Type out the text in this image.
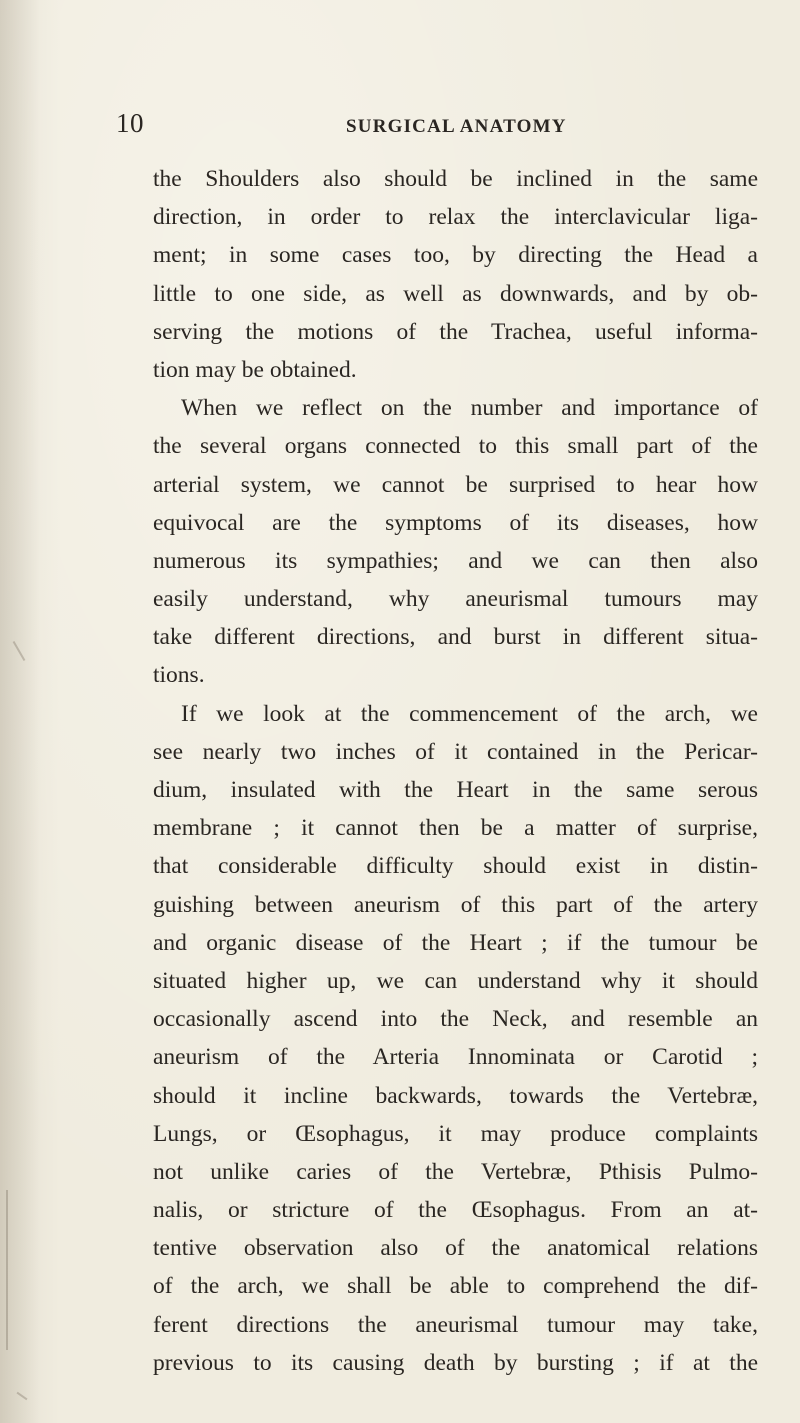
10	SURGICAL ANATOMY
the Shoulders also should be inclined in the same
direction, in order to relax the interclavicular liga-
ment; in some cases too, by directing the Head a
little to one side, as well as downwards, and by ob-
serving the motions of the Trachea, useful informa-
tion may be obtained.
When we reflect on the number and importance of
the several organs connected to this small part of the
arterial system, we cannot be surprised to hear how
equivocal are the symptoms of its diseases, how
numerous its sympathies; and we can then also
easily understand, why aneurismal tumours may
take different directions, and burst in different situa-
tions.
If we look at the commencement of the arch, we
see nearly two inches of it contained in the Pericar-
dium, insulated with the Heart in the same serous
membrane ; it cannot then be a matter of surprise,
that considerable difficulty should exist in distin-
guishing between aneurism of this part of the artery
and organic disease of the Heart ; if the tumour be
situated higher up, we can understand why it should
occasionally ascend into the Neck, and resemble an
aneurism of the Arteria Innominata or Carotid ;
should it incline backwards, towards the Vertebræ,
Lungs, or Œsophagus, it may produce complaints
not unlike caries of the Vertebræ, Pthisis Pulmo-
nalis, or stricture of the Œsophagus. From an at-
tentive observation also of the anatomical relations
of the arch, we shall be able to comprehend the dif-
ferent directions the aneurismal tumour may take,
previous to its causing death by bursting ; if at the
